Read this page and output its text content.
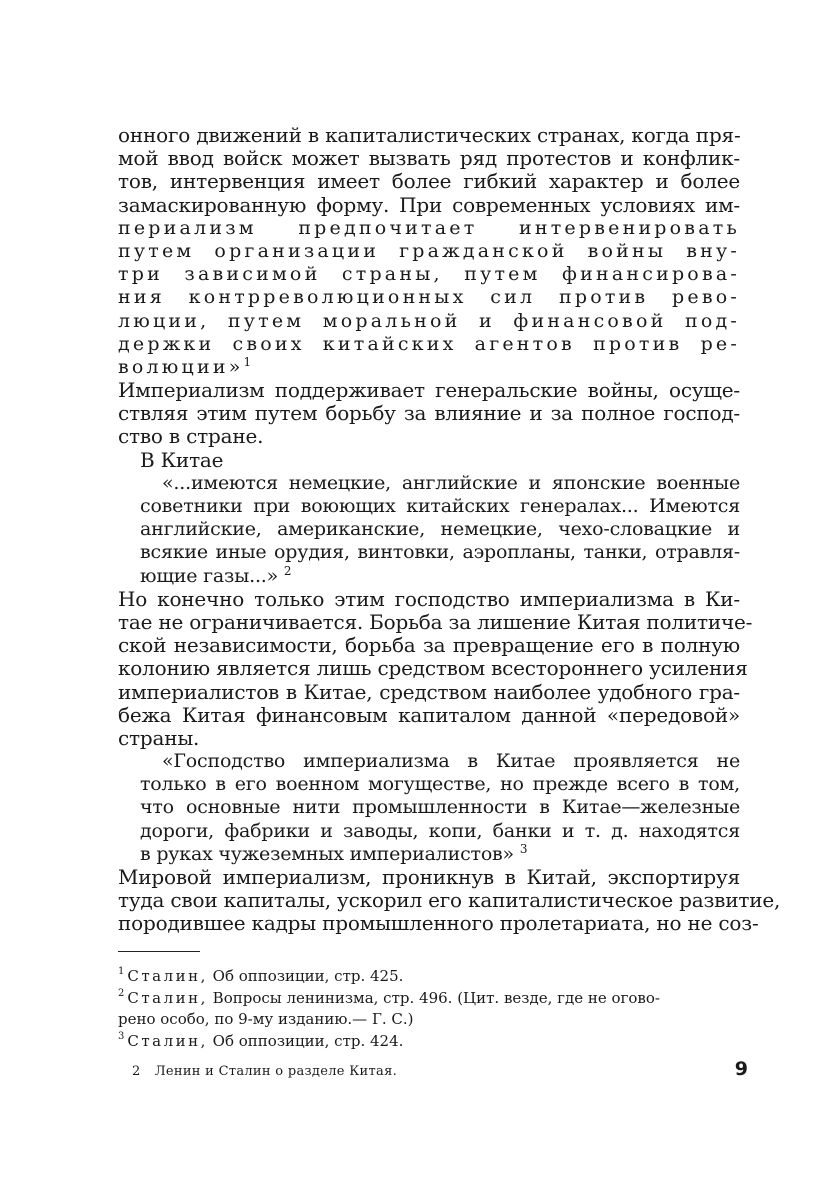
онного движений в капиталистических странах, когда пря-
мой ввод войск может вызвать ряд протестов и конфлик-
тов, интервенция имеет более гибкий характер и более
замаскированную форму. При современных условиях им-
периализм предпочитает интервенировать
путем организации гражданской войны вну-
три зависимой страны, путем финансирова-
ния контрреволюционных сил против рево-
люции, путем моральной и финансовой под-
держки своих китайских агентов против ре-
волюции»$^1$
Империализм поддерживает генеральские войны, осуще-
ствляя этим путем борьбу за влияние и за полное господ-
ство в стране.
В Китае
«...имеются немецкие, английские и японские военные
советники при воюющих китайских генералах... Имеются
английские, американские, немецкие, чехо-словацкие и
всякие иные орудия, винтовки, аэропланы, танки, отравля-
ющие газы...» $^2$
Но конечно только этим господство империализма в Ки-
тае не ограничивается. Борьба за лишение Китая политиче-
ской независимости, борьба за превращение его в полную
колонию является лишь средством всестороннего усиления
империалистов в Китае, средством наиболее удобного гра-
бежа Китая финансовым капиталом данной «передовой»
страны.
«Господство империализма в Китае проявляется не
только в его военном могуществе, но прежде всего в том,
что основные нити промышленности в Китае—железные
дороги, фабрики и заводы, копи, банки и т. д. находятся
в руках чужеземных империалистов» $^3$
Мировой империализм, проникнув в Китай, экспортируя
туда свои капиталы, ускорил его капиталистическое развитие,
породившее кадры промышленного пролетариата, но не соз-
$^1$ Сталин, Об оппозиции, стр. 425.
$^2$ Сталин, Вопросы ленинизма, стр. 496. (Цит. везде, где не огово-
рено особо, по 9-му изданию.— Г. С.)
$^3$ Сталин, Об оппозиции, стр. 424.
2 Ленин и Сталин о разделе Китая.	9
